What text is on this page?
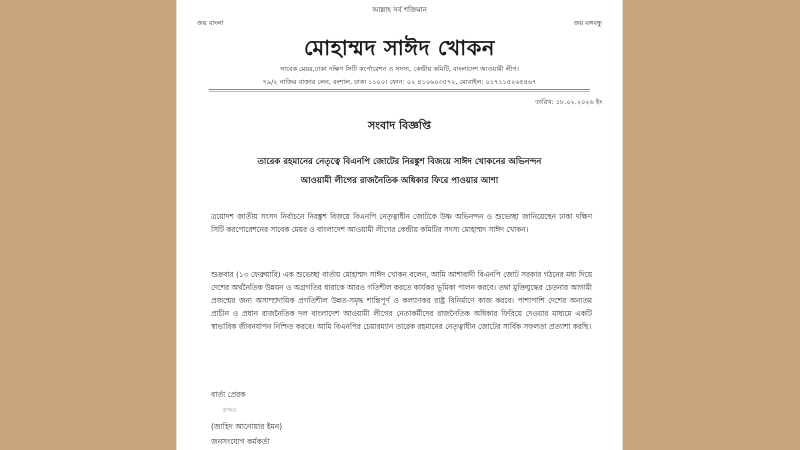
আল্লাহ সর্ব শক্তিমান
জয় বাংলা	জয় বঙ্গবন্ধু
মোহাম্মদ সাঈদ খোকন
সাবেক মেয়র,ঢাকা দক্ষিণ সিটি কর্পোরেশন ও সদস্য, কেন্দ্রীয় কমিটি, বাংলাদেশ আওয়ামী লীগ।
৭৯/২ নাজির বাজার লেন, বংশাল, ঢাকা ১১০০। ফোন: ০২ ৪১০৬০৩৫৭২, মোবাইল: ০১৭১১৫২৬৫৪৬৭
তারিখ: ১৮.০২.২০২৬ ইং
সংবাদ বিজ্ঞপ্তি
তারেক রহমানের নেতৃত্বে বিএনপি জোটের নিরঙ্কুশ বিজয়ে সাঈদ খোকনের অভিনন্দন
আওয়ামী লীগের রাজনৈতিক অধিকার ফিরে পাওয়ার আশা
ত্রয়োদশ জাতীয় সংসদ নির্বাচনে নিরঙ্কুশ বিজয়ে বিএনপি নেতৃত্বাধীন জোটকে উষ্ণ অভিনন্দন ও শুভেচ্ছা জানিয়েছেন ঢাকা দক্ষিণ সিটি করপোরেশনের সাবেক মেয়র ও বাংলাদেশ আওয়ামী লীগের কেন্দ্রীয় কমিটির সদস্য মোহাম্মদ সাঈদ খোকন।
শুক্রবার (১৩ ফেব্রুয়ারি) এক শুভেচ্ছা বার্তায় মোহাম্মদ সাঈদ খোকন বলেন, আমি আশাবাদী বিএনপি জোট সরকার গঠনের মধ্য দিয়ে দেশের অর্থনৈতিক উন্নয়ন ও অগ্রগতির ধারাকে আরও গতিশীল করতে কার্যকর ভূমিকা পালন করবে। তথা মুক্তিযুদ্ধের চেতনার আগামী প্রজন্মের জন্য অসাম্প্রদায়িক প্রগতিশীল উন্নত-সমৃদ্ধ শান্তিপূর্ণ ও কল্যাণকর রাষ্ট্র বিনির্মাণে কাজ করবে। পাশাপাশি দেশের অন্যতম প্রাচীন ও প্রধান রাজনৈতিক দল বাংলাদেশ আওয়ামী লীগের নেতাকর্মীদের রাজনৈতিক অধিকার ফিরিয়ে দেওয়ার মাধ্যমে একটি স্বাভাবিক জীবনযাপন নিশ্চিত করবে। আমি বিএনপির চেয়ারম্যান তারেক রহমানের নেতৃত্বাধীন জোটের সার্বিক সফলতা প্রত্যাশা করছি।
বার্তা প্রেরক
স্বাক্ষর
(জাহিদ আনোয়ার ইমন)
জনসংযোগ কর্মকর্তা
